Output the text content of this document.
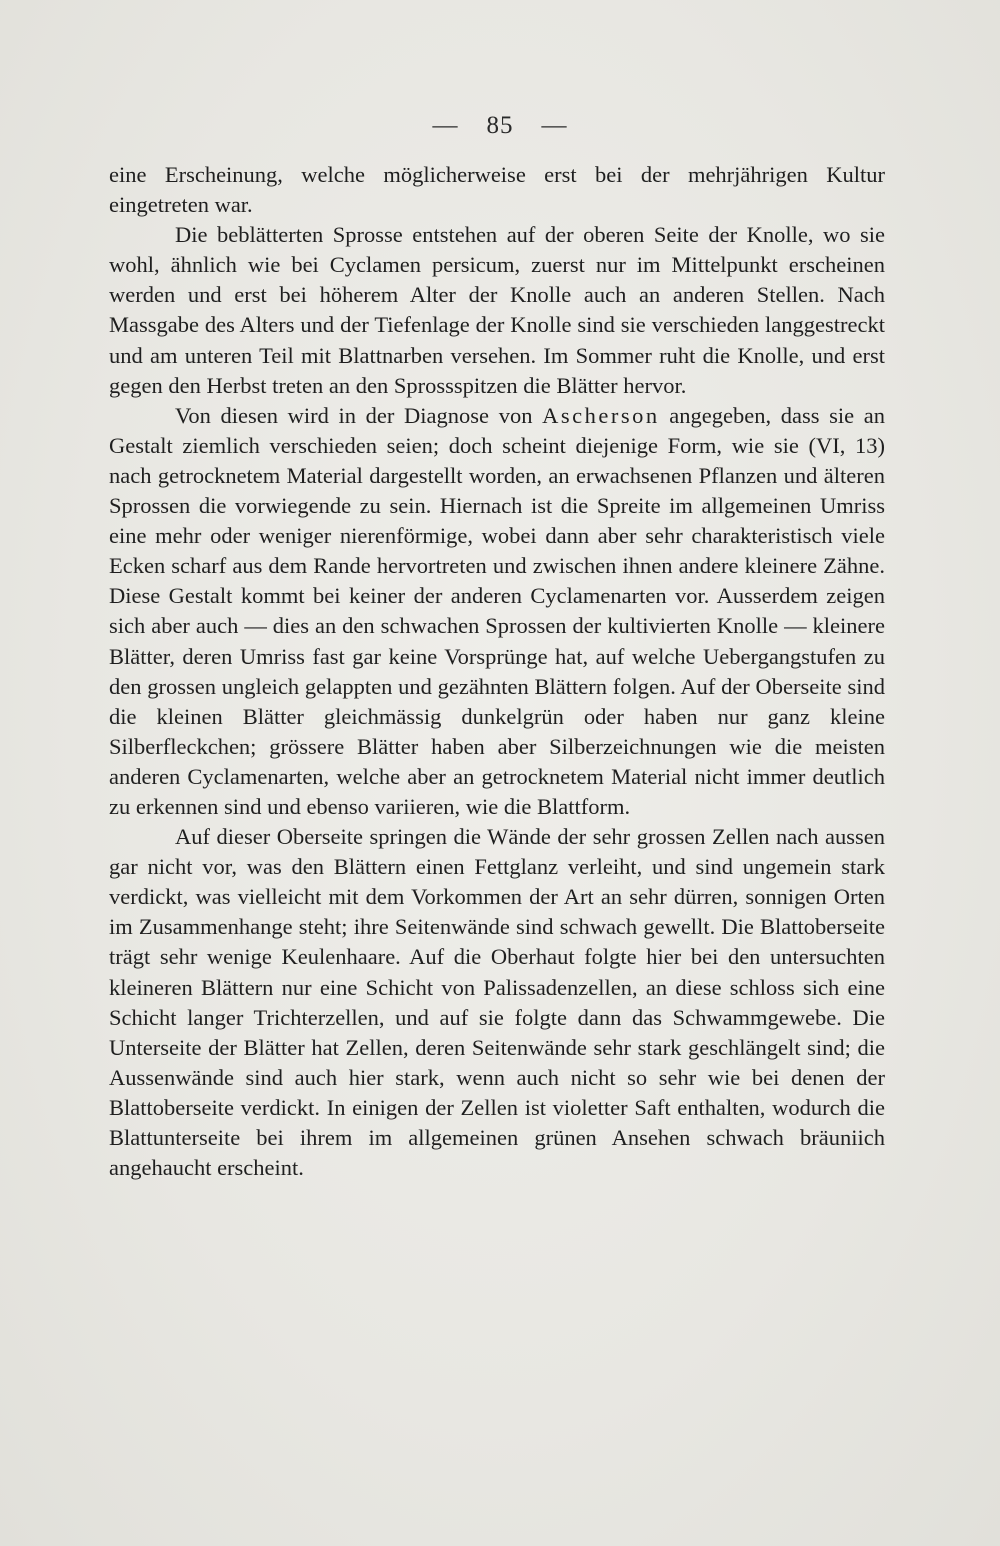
— 85 —

eine Erscheinung, welche möglicherweise erst bei der mehrjährigen Kultur eingetreten war.

Die beblätterten Sprosse entstehen auf der oberen Seite der Knolle, wo sie wohl, ähnlich wie bei Cyclamen persicum, zuerst nur im Mittelpunkt erscheinen werden und erst bei höherem Alter der Knolle auch an anderen Stellen. Nach Massgabe des Alters und der Tiefenlage der Knolle sind sie verschieden langgestreckt und am unteren Teil mit Blattnarben versehen. Im Sommer ruht die Knolle, und erst gegen den Herbst treten an den Sprossspitzen die Blätter hervor.

Von diesen wird in der Diagnose von Ascherson angegeben, dass sie an Gestalt ziemlich verschieden seien; doch scheint diejenige Form, wie sie (VI, 13) nach getrocknetem Material dargestellt worden, an erwachsenen Pflanzen und älteren Sprossen die vorwiegende zu sein. Hiernach ist die Spreite im allgemeinen Umriss eine mehr oder weniger nierenförmige, wobei dann aber sehr charakteristisch viele Ecken scharf aus dem Rande hervortreten und zwischen ihnen andere kleinere Zähne. Diese Gestalt kommt bei keiner der anderen Cyclamenarten vor. Ausserdem zeigen sich aber auch — dies an den schwachen Sprossen der kultivierten Knolle — kleinere Blätter, deren Umriss fast gar keine Vorsprünge hat, auf welche Uebergangstufen zu den grossen ungleich gelappten und gezähnten Blättern folgen. Auf der Oberseite sind die kleinen Blätter gleichmässig dunkelgrün oder haben nur ganz kleine Silberfleckchen; grössere Blätter haben aber Silberzeichnungen wie die meisten anderen Cyclamenarten, welche aber an getrocknetem Material nicht immer deutlich zu erkennen sind und ebenso variieren, wie die Blattform.

Auf dieser Oberseite springen die Wände der sehr grossen Zellen nach aussen gar nicht vor, was den Blättern einen Fettglanz verleiht, und sind ungemein stark verdickt, was vielleicht mit dem Vorkommen der Art an sehr dürren, sonnigen Orten im Zusammenhange steht; ihre Seitenwände sind schwach gewellt. Die Blattoberseite trägt sehr wenige Keulenhaare. Auf die Oberhaut folgte hier bei den untersuchten kleineren Blättern nur eine Schicht von Palissadenzellen, an diese schloss sich eine Schicht langer Trichterzellen, und auf sie folgte dann das Schwammgewebe. Die Unterseite der Blätter hat Zellen, deren Seitenwände sehr stark geschlängelt sind; die Aussenwände sind auch hier stark, wenn auch nicht so sehr wie bei denen der Blattoberseite verdickt. In einigen der Zellen ist violetter Saft enthalten, wodurch die Blattunterseite bei ihrem im allgemeinen grünen Ansehen schwach bräuniich angehaucht erscheint.
